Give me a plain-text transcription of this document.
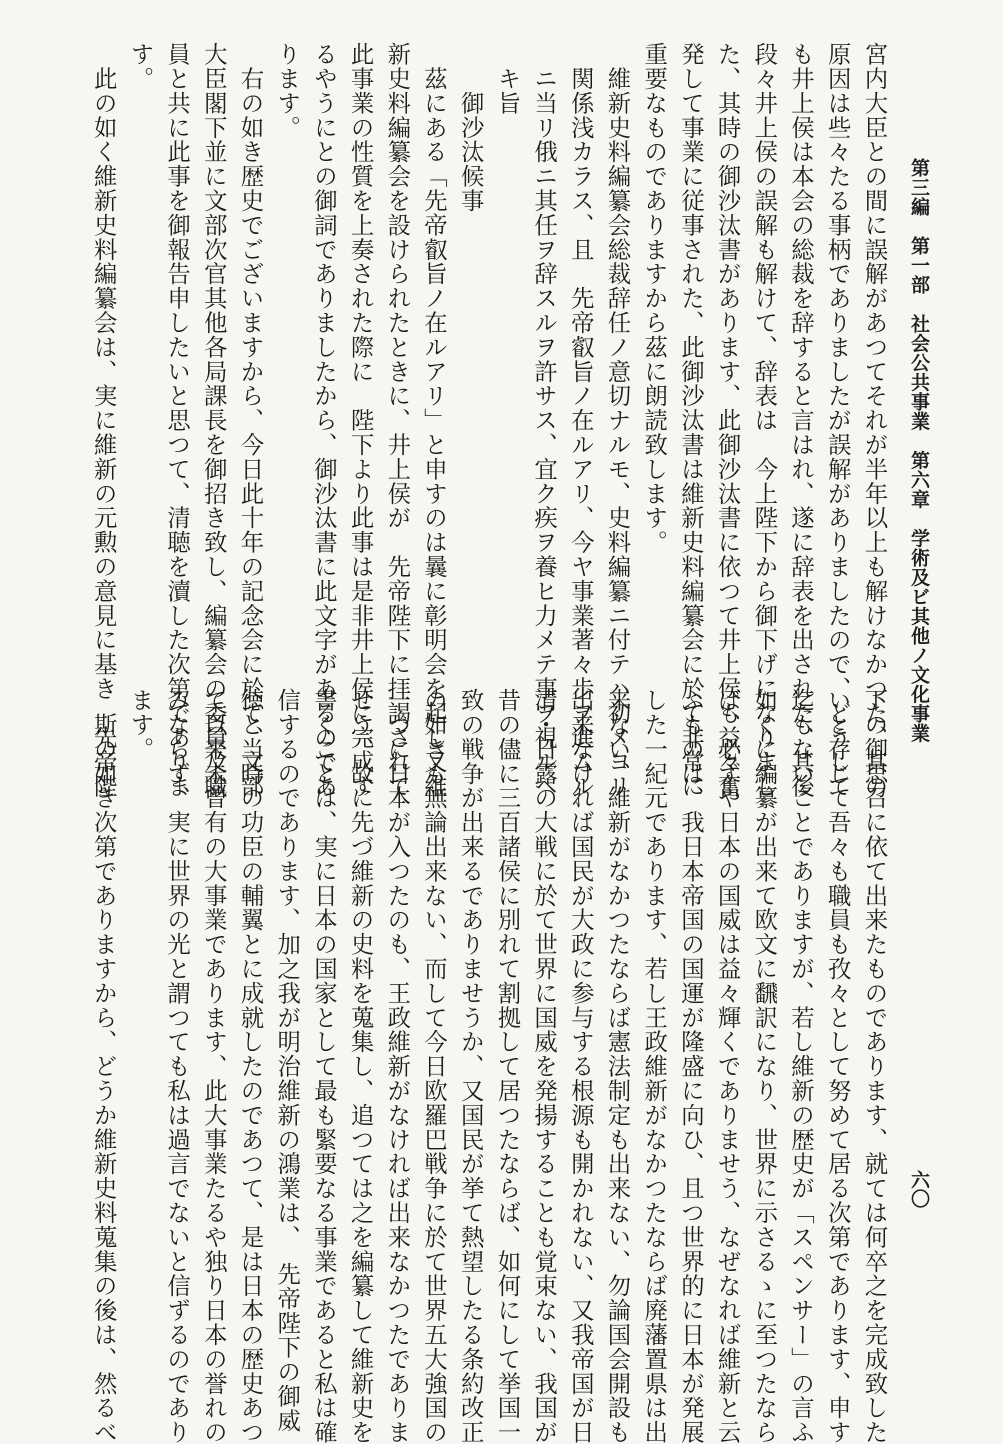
第三編　第一部　社会公共事業　第六章　学術及ビ其他ノ文化事業
六〇
宮内大臣との間に誤解があつてそれが半年以上も解けなかつた、其の
原因は些々たる事柄でありましたが誤解がありましたので、どうして
も井上侯は本会の総裁を辞すると言はれ、遂に辞表を出された、其後
段々井上侯の誤解も解けて、辞表は　今上陛下から御下げになりまし
た、其時の御沙汰書があります、此御沙汰書に依つて井上侯も益々奮
発して事業に従事された、此御沙汰書は維新史料編纂会に於て非常に
重要なものでありますから茲に朗読致します。
　維新史料編纂会総裁辞任ノ意切ナルモ、史料編纂ニ付テハ初メヨリ
　関係浅カラス、且　先帝叡旨ノ在ルアリ、今ヤ事業著々歩ヲ進ムル
　ニ当リ俄ニ其任ヲ辞スルヲ許サス、宜ク疾ヲ養ヒ力メテ事ヲ視ルヘ
　キ旨
　　御沙汰候事
　茲にある「先帝叡旨ノ在ルアリ」と申すのは曩に彰明会を起し又維
新史料編纂会を設けられたときに、井上侯が　先帝陛下に拝謁されて
此事業の性質を上奏された際に　陛下より此事は是非井上侯に完成す
るやうにとの御詞でありましたから、御沙汰書に此文字があるのであ
ります。
　右の如き歴史でございますから、今日此十年の記念会に於て、文部
大臣閣下並に文部次官其他各局課長を御招き致し、編纂会の委員及職
員と共に此事を御報告申したいと思つて、清聴を瀆した次第でありま
す。
　此の如く維新史料編纂会は、実に維新の元勲の意見に基き　先帝陛
下の御思召に依て出来たものであります、就ては何卒之を完成致した
いと存じて吾々も職員も孜々として努めて居る次第であります、申す
迄もないことでありますが、若し維新の歴史が「スペンサー」の言ふ
如くに編纂が出来て欧文に飜訳になり、世界に示さるゝに至つたなら
ば、必ずや日本の国威は益々輝くでありませう、なぜなれば維新と云
ふものは、我日本帝国の国運が隆盛に向ひ、且つ世界的に日本が発展
した一紀元であります、若し王政維新がなかつたならば廃藩置県は出
来ない、維新がなかつたならば憲法制定も出来ない、勿論国会開設も
出来なければ国民が大政に参与する根源も開かれない、又我帝国が日
清・日露の大戦に於て世界に国威を発揚することも覚束ない、我国が
昔の儘に三百諸侯に別れて割拠して居つたならば、如何にして挙国一
致の戦争が出来るでありませうか、又国民が挙て熱望したる条約改正
の如きも無論出来ない、而して今日欧羅巴戦争に於て世界五大強国の
一つに日本が入つたのも、王政維新がなければ出来なかつたでありま
せう、故に先づ維新の史料を蒐集し、追つては之を編纂して維新史を
書くことは、実に日本の国家として最も緊要なる事業であると私は確
信するのであります、加之我が明治維新の鴻業は、　先帝陛下の御威
徳と当時の功臣の輔翼とに成就したのであつて、是は日本の歴史あつ
て以来未曾有の大事業であります、此大事業たるや独り日本の誉れの
みならず、実に世界の光と謂つても私は過言でないと信ずるのであり
ます。
　斯の如き次第でありますから、どうか維新史料蒐集の後は、然るべ
